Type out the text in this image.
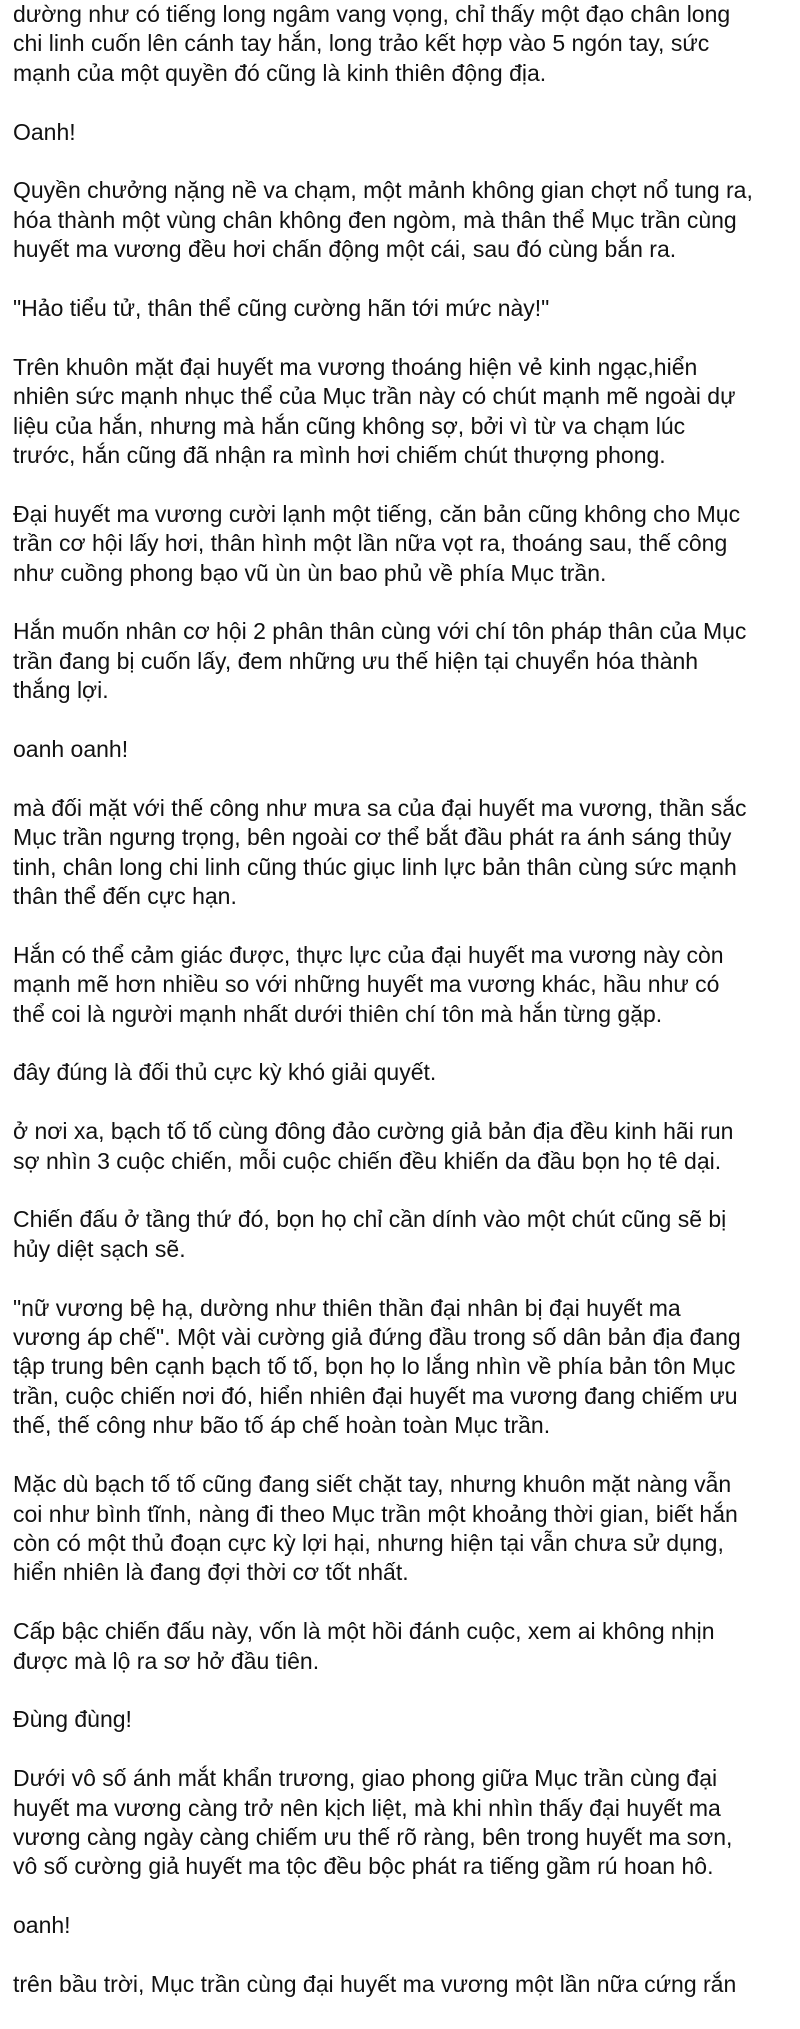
dường như có tiếng long ngâm vang vọng, chỉ thấy một đạo chân long
chi linh cuốn lên cánh tay hắn, long trảo kết hợp vào 5 ngón tay, sức
mạnh của một quyền đó cũng là kinh thiên động địa.

Oanh!

Quyền chưởng nặng nề va chạm, một mảnh không gian chợt nổ tung ra,
hóa thành một vùng chân không đen ngòm, mà thân thể Mục trần cùng
huyết ma vương đều hơi chấn động một cái, sau đó cùng bắn ra.

"Hảo tiểu tử, thân thể cũng cường hãn tới mức này!"

Trên khuôn mặt đại huyết ma vương thoáng hiện vẻ kinh ngạc,hiển
nhiên sức mạnh nhục thể của Mục trần này có chút mạnh mẽ ngoài dự
liệu của hắn, nhưng mà hắn cũng không sợ, bởi vì từ va chạm lúc
trước, hắn cũng đã nhận ra mình hơi chiếm chút thượng phong.

Đại huyết ma vương cười lạnh một tiếng, căn bản cũng không cho Mục
trần cơ hội lấy hơi, thân hình một lần nữa vọt ra, thoáng sau, thế công
như cuồng phong bạo vũ ùn ùn bao phủ về phía Mục trần.

Hắn muốn nhân cơ hội 2 phân thân cùng với chí tôn pháp thân của Mục
trần đang bị cuốn lấy, đem những ưu thế hiện tại chuyển hóa thành
thắng lợi.

oanh oanh!

mà đối mặt với thế công như mưa sa của đại huyết ma vương, thần sắc
Mục trần ngưng trọng, bên ngoài cơ thể bắt đầu phát ra ánh sáng thủy
tinh, chân long chi linh cũng thúc giục linh lực bản thân cùng sức mạnh
thân thể đến cực hạn.

Hắn có thể cảm giác được, thực lực của đại huyết ma vương này còn
mạnh mẽ hơn nhiều so với những huyết ma vương khác, hầu như có
thể coi là người mạnh nhất dưới thiên chí tôn mà hắn từng gặp.

đây đúng là đối thủ cực kỳ khó giải quyết.

ở nơi xa, bạch tố tố cùng đông đảo cường giả bản địa đều kinh hãi run
sợ nhìn 3 cuộc chiến, mỗi cuộc chiến đều khiến da đầu bọn họ tê dại.

Chiến đấu ở tầng thứ đó, bọn họ chỉ cần dính vào một chút cũng sẽ bị
hủy diệt sạch sẽ.

"nữ vương bệ hạ, dường như thiên thần đại nhân bị đại huyết ma
vương áp chế". Một vài cường giả đứng đầu trong số dân bản địa đang
tập trung bên cạnh bạch tố tố, bọn họ lo lắng nhìn về phía bản tôn Mục
trần, cuộc chiến nơi đó, hiển nhiên đại huyết ma vương đang chiếm ưu
thế, thế công như bão tố áp chế hoàn toàn Mục trần.

Mặc dù bạch tố tố cũng đang siết chặt tay, nhưng khuôn mặt nàng vẫn
coi như bình tĩnh, nàng đi theo Mục trần một khoảng thời gian, biết hắn
còn có một thủ đoạn cực kỳ lợi hại, nhưng hiện tại vẫn chưa sử dụng,
hiển nhiên là đang đợi thời cơ tốt nhất.

Cấp bậc chiến đấu này, vốn là một hồi đánh cuộc, xem ai không nhịn
được mà lộ ra sơ hở đầu tiên.

Đùng đùng!

Dưới vô số ánh mắt khẩn trương, giao phong giữa Mục trần cùng đại
huyết ma vương càng trở nên kịch liệt, mà khi nhìn thấy đại huyết ma
vương càng ngày càng chiếm ưu thế rõ ràng, bên trong huyết ma sơn,
vô số cường giả huyết ma tộc đều bộc phát ra tiếng gầm rú hoan hô.

oanh!

trên bầu trời, Mục trần cùng đại huyết ma vương một lần nữa cứng rắn
